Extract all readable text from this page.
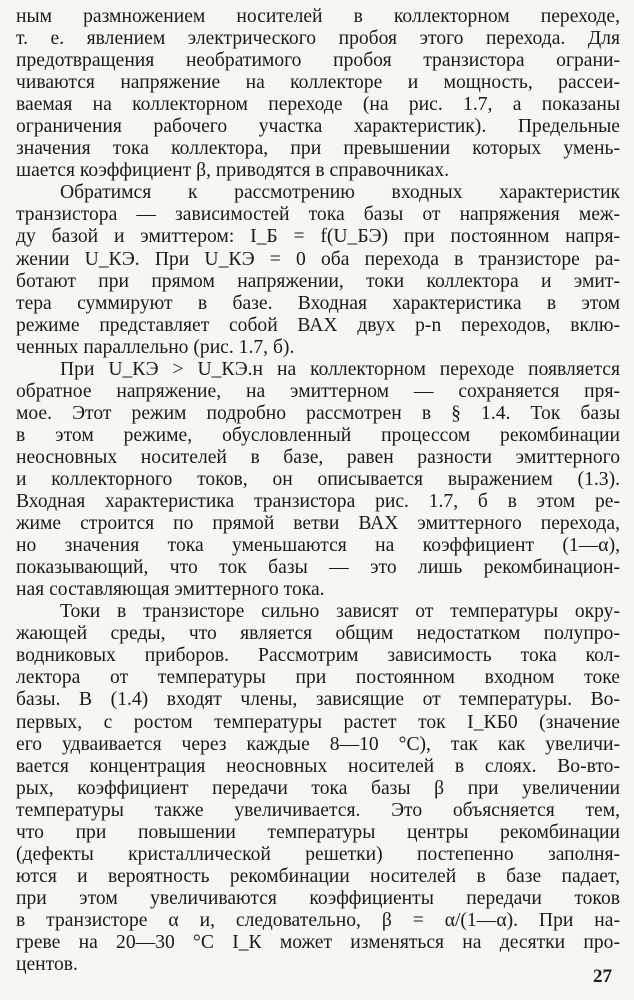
ным размножением носителей в коллекторном переходе,
т. е. явлением электрического пробоя этого перехода. Для
предотвращения необратимого пробоя транзистора ограни-
чиваются напряжение на коллекторе и мощность, рассеи-
ваемая на коллекторном переходе (на рис. 1.7, а показаны
ограничения рабочего участка характеристик). Предельные
значения тока коллектора, при превышении которых умень-
шается коэффициент β, приводятся в справочниках.
Обратимся к рассмотрению входных характеристик
транзистора — зависимостей тока базы от напряжения меж-
ду базой и эмиттером: I_Б = f(U_БЭ) при постоянном напря-
жении U_КЭ. При U_КЭ = 0 оба перехода в транзисторе ра-
ботают при прямом напряжении, токи коллектора и эмит-
тера суммируют в базе. Входная характеристика в этом
режиме представляет собой ВАХ двух p-n переходов, вклю-
ченных параллельно (рис. 1.7, б).
При U_КЭ > U_КЭ.н на коллекторном переходе появляется
обратное напряжение, на эмиттерном — сохраняется пря-
мое. Этот режим подробно рассмотрен в § 1.4. Ток базы
в этом режиме, обусловленный процессом рекомбинации
неосновных носителей в базе, равен разности эмиттерного
и коллекторного токов, он описывается выражением (1.3).
Входная характеристика транзистора рис. 1.7, б в этом ре-
жиме строится по прямой ветви ВАХ эмиттерного перехода,
но значения тока уменьшаются на коэффициент (1—α),
показывающий, что ток базы — это лишь рекомбинацион-
ная составляющая эмиттерного тока.
Токи в транзисторе сильно зависят от температуры окру-
жающей среды, что является общим недостатком полупро-
водниковых приборов. Рассмотрим зависимость тока кол-
лектора от температуры при постоянном входном токе
базы. В (1.4) входят члены, зависящие от температуры. Во-
первых, с ростом температуры растет ток I_КБ0 (значение
его удваивается через каждые 8—10 °С), так как увеличи-
вается концентрация неосновных носителей в слоях. Во-вто-
рых, коэффициент передачи тока базы β при увеличении
температуры также увеличивается. Это объясняется тем,
что при повышении температуры центры рекомбинации
(дефекты кристаллической решетки) постепенно заполня-
ются и вероятность рекомбинации носителей в базе падает,
при этом увеличиваются коэффициенты передачи токов
в транзисторе α и, следовательно, β = α/(1—α). При на-
греве на 20—30 °С I_К может изменяться на десятки про-
центов.
27
